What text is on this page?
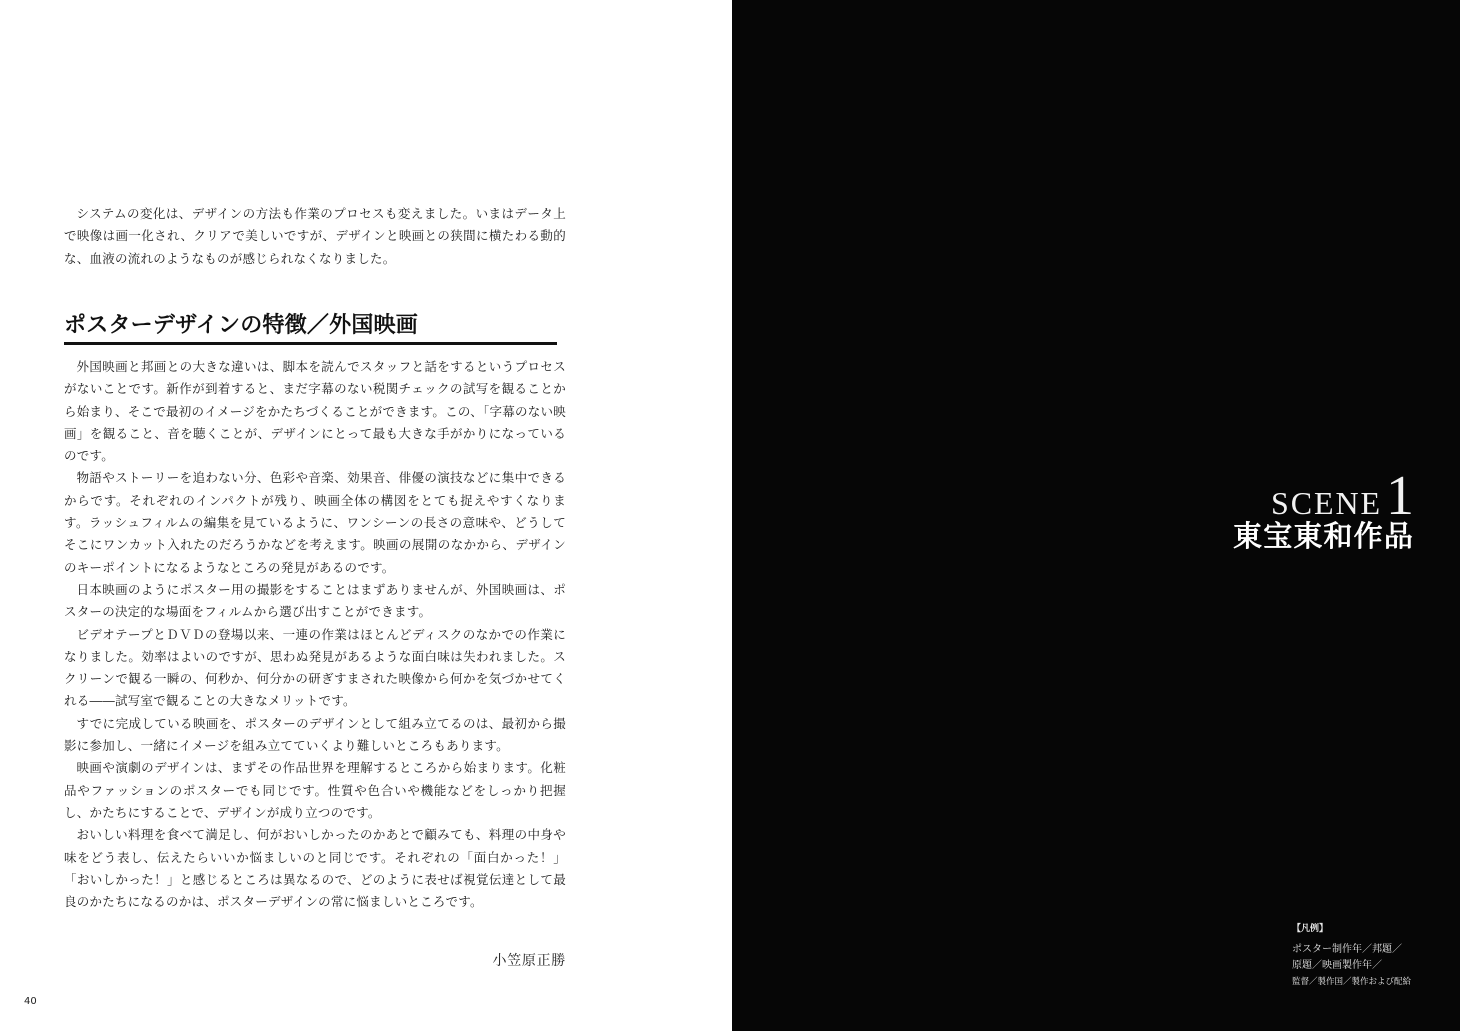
システムの変化は、デザインの方法も作業のプロセスも変えました。いまはデータ上で映像は画一化され、クリアで美しいですが、デザインと映画との狭間に横たわる動的な、血液の流れのようなものが感じられなくなりました。

ポスターデザインの特徴／外国映画

外国映画と邦画との大きな違いは、脚本を読んでスタッフと話をするというプロセスがないことです。新作が到着すると、まだ字幕のない税関チェックの試写を観ることから始まり、そこで最初のイメージをかたちづくることができます。この、「字幕のない映画」を観ること、音を聴くことが、デザインにとって最も大きな手がかりになっているのです。

物語やストーリーを追わない分、色彩や音楽、効果音、俳優の演技などに集中できるからです。それぞれのインパクトが残り、映画全体の構図をとても捉えやすくなります。ラッシュフィルムの編集を見ているように、ワンシーンの長さの意味や、どうしてそこにワンカット入れたのだろうかなどを考えます。映画の展開のなかから、デザインのキーポイントになるようなところの発見があるのです。

日本映画のようにポスター用の撮影をすることはまずありませんが、外国映画は、ポスターの決定的な場面をフィルムから選び出すことができます。

ビデオテープとＤＶＤの登場以来、一連の作業はほとんどディスクのなかでの作業になりました。効率はよいのですが、思わぬ発見があるような面白味は失われました。スクリーンで観る一瞬の、何秒か、何分かの研ぎすまされた映像から何かを気づかせてくれる――試写室で観ることの大きなメリットです。

すでに完成している映画を、ポスターのデザインとして組み立てるのは、最初から撮影に参加し、一緒にイメージを組み立てていくより難しいところもあります。

映画や演劇のデザインは、まずその作品世界を理解するところから始まります。化粧品やファッションのポスターでも同じです。性質や色合いや機能などをしっかり把握し、かたちにすることで、デザインが成り立つのです。

おいしい料理を食べて満足し、何がおいしかったのかあとで顧みても、料理の中身や味をどう表し、伝えたらいいか悩ましいのと同じです。それぞれの「面白かった！」「おいしかった！」と感じるところは異なるので、どのように表せば視覚伝達として最良のかたちになるのかは、ポスターデザインの常に悩ましいところです。

小笠原正勝
40
SCENE1
東宝東和作品
【凡例】
ポスター制作年／邦題／
原題／映画製作年／
監督／製作国／製作および配給
